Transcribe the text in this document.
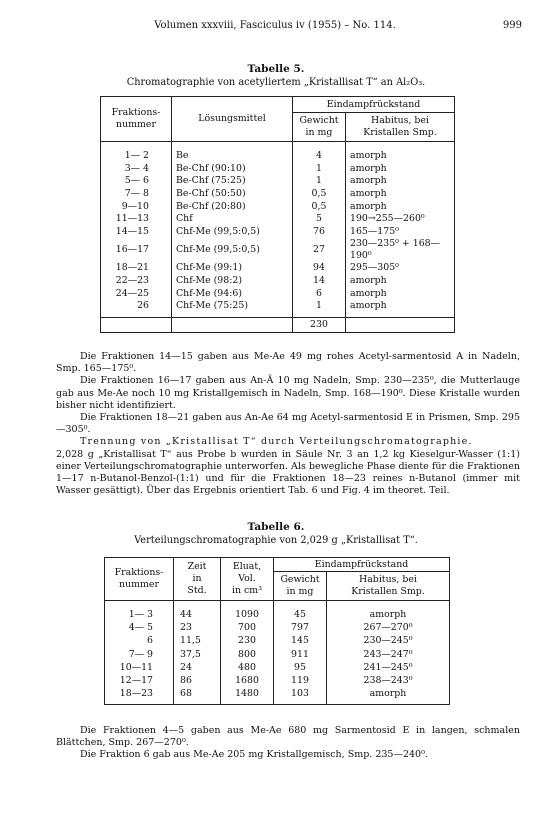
Volumen xxxviii, Fasciculus iv (1955) – No. 114.	999
Tabelle 5.
Chromatographie von acetyliertem „Kristallisat T“ an Al₂O₃.
Fraktions-
nummer	Lösungsmittel	Eindampfrückstand	
		Gewicht
in mg	Habitus, bei
Kristallen Smp.
1— 2	Be	4	amorph
3— 4	Be-Chf (90:10)	1	amorph
5— 6	Be-Chf (75:25)	1	amorph
7— 8	Be-Chf (50:50)	0,5	amorph
9—10	Be-Chf (20:80)	0,5	amorph
11—13	Chf	5	190→255—260⁰
14—15	Chf-Me (99,5:0,5)	76	165—175⁰
16—17	Chf-Me (99,5:0,5)	27	230—235⁰ + 168—190⁰
18—21	Chf-Me (99:1)	94	295—305⁰
22—23	Chf-Me (98:2)	14	amorph
24—25	Chf-Me (94:6)	6	amorph
26	Chf-Me (75:25)	1	amorph
		230	

Die Fraktionen 14—15 gaben aus Me-Ae 49 mg rohes Acetyl-sarmentosid A in Nadeln, Smp. 165—175⁰.

Die Fraktionen 16—17 gaben aus An-Ä 10 mg Nadeln, Smp. 230—235⁰, die Mutterlauge gab aus Me-Ae noch 10 mg Kristallgemisch in Nadeln, Smp. 168—190⁰. Diese Kristalle wurden bisher nicht identifiziert.

Die Fraktionen 18—21 gaben aus An-Ae 64 mg Acetyl-sarmentosid E in Prismen, Smp. 295—305⁰.

Trennung von „Kristallisat T“ durch Verteilungschromatographie.

2,028 g „Kristallisat T“ aus Probe b wurden in Säule Nr. 3 an 1,2 kg Kieselgur-Wasser (1:1) einer Verteilungschromatographie unterworfen. Als bewegliche Phase diente für die Fraktionen 1—17 n-Butanol-Benzol-(1:1) und für die Fraktionen 18—23 reines n-Butanol (immer mit Wasser gesättigt). Über das Ergebnis orientiert Tab. 6 und Fig. 4 im theoret. Teil.

Tabelle 6.
Verteilungschromatographie von 2,029 g „Kristallisat T“.
Fraktions-
nummer	Zeit
in
Std.	Eluat,
Vol.
in cm³	Eindampfrückstand	
			Gewicht
in mg	Habitus, bei
Kristallen Smp.
1— 3	44	1090	45	amorph
4— 5	23	700	797	267—270⁰
6	11,5	230	145	230—245⁰
7— 9	37,5	800	911	243—247⁰
10—11	24	480	95	241—245⁰
12—17	86	1680	119	238—243⁰
18—23	68	1480	103	amorph

Die Fraktionen 4—5 gaben aus Me-Ae 680 mg Sarmentosid E in langen, schmalen Blättchen, Smp. 267—270⁰.

Die Fraktion 6 gab aus Me-Ae 205 mg Kristallgemisch, Smp. 235—240⁰.
